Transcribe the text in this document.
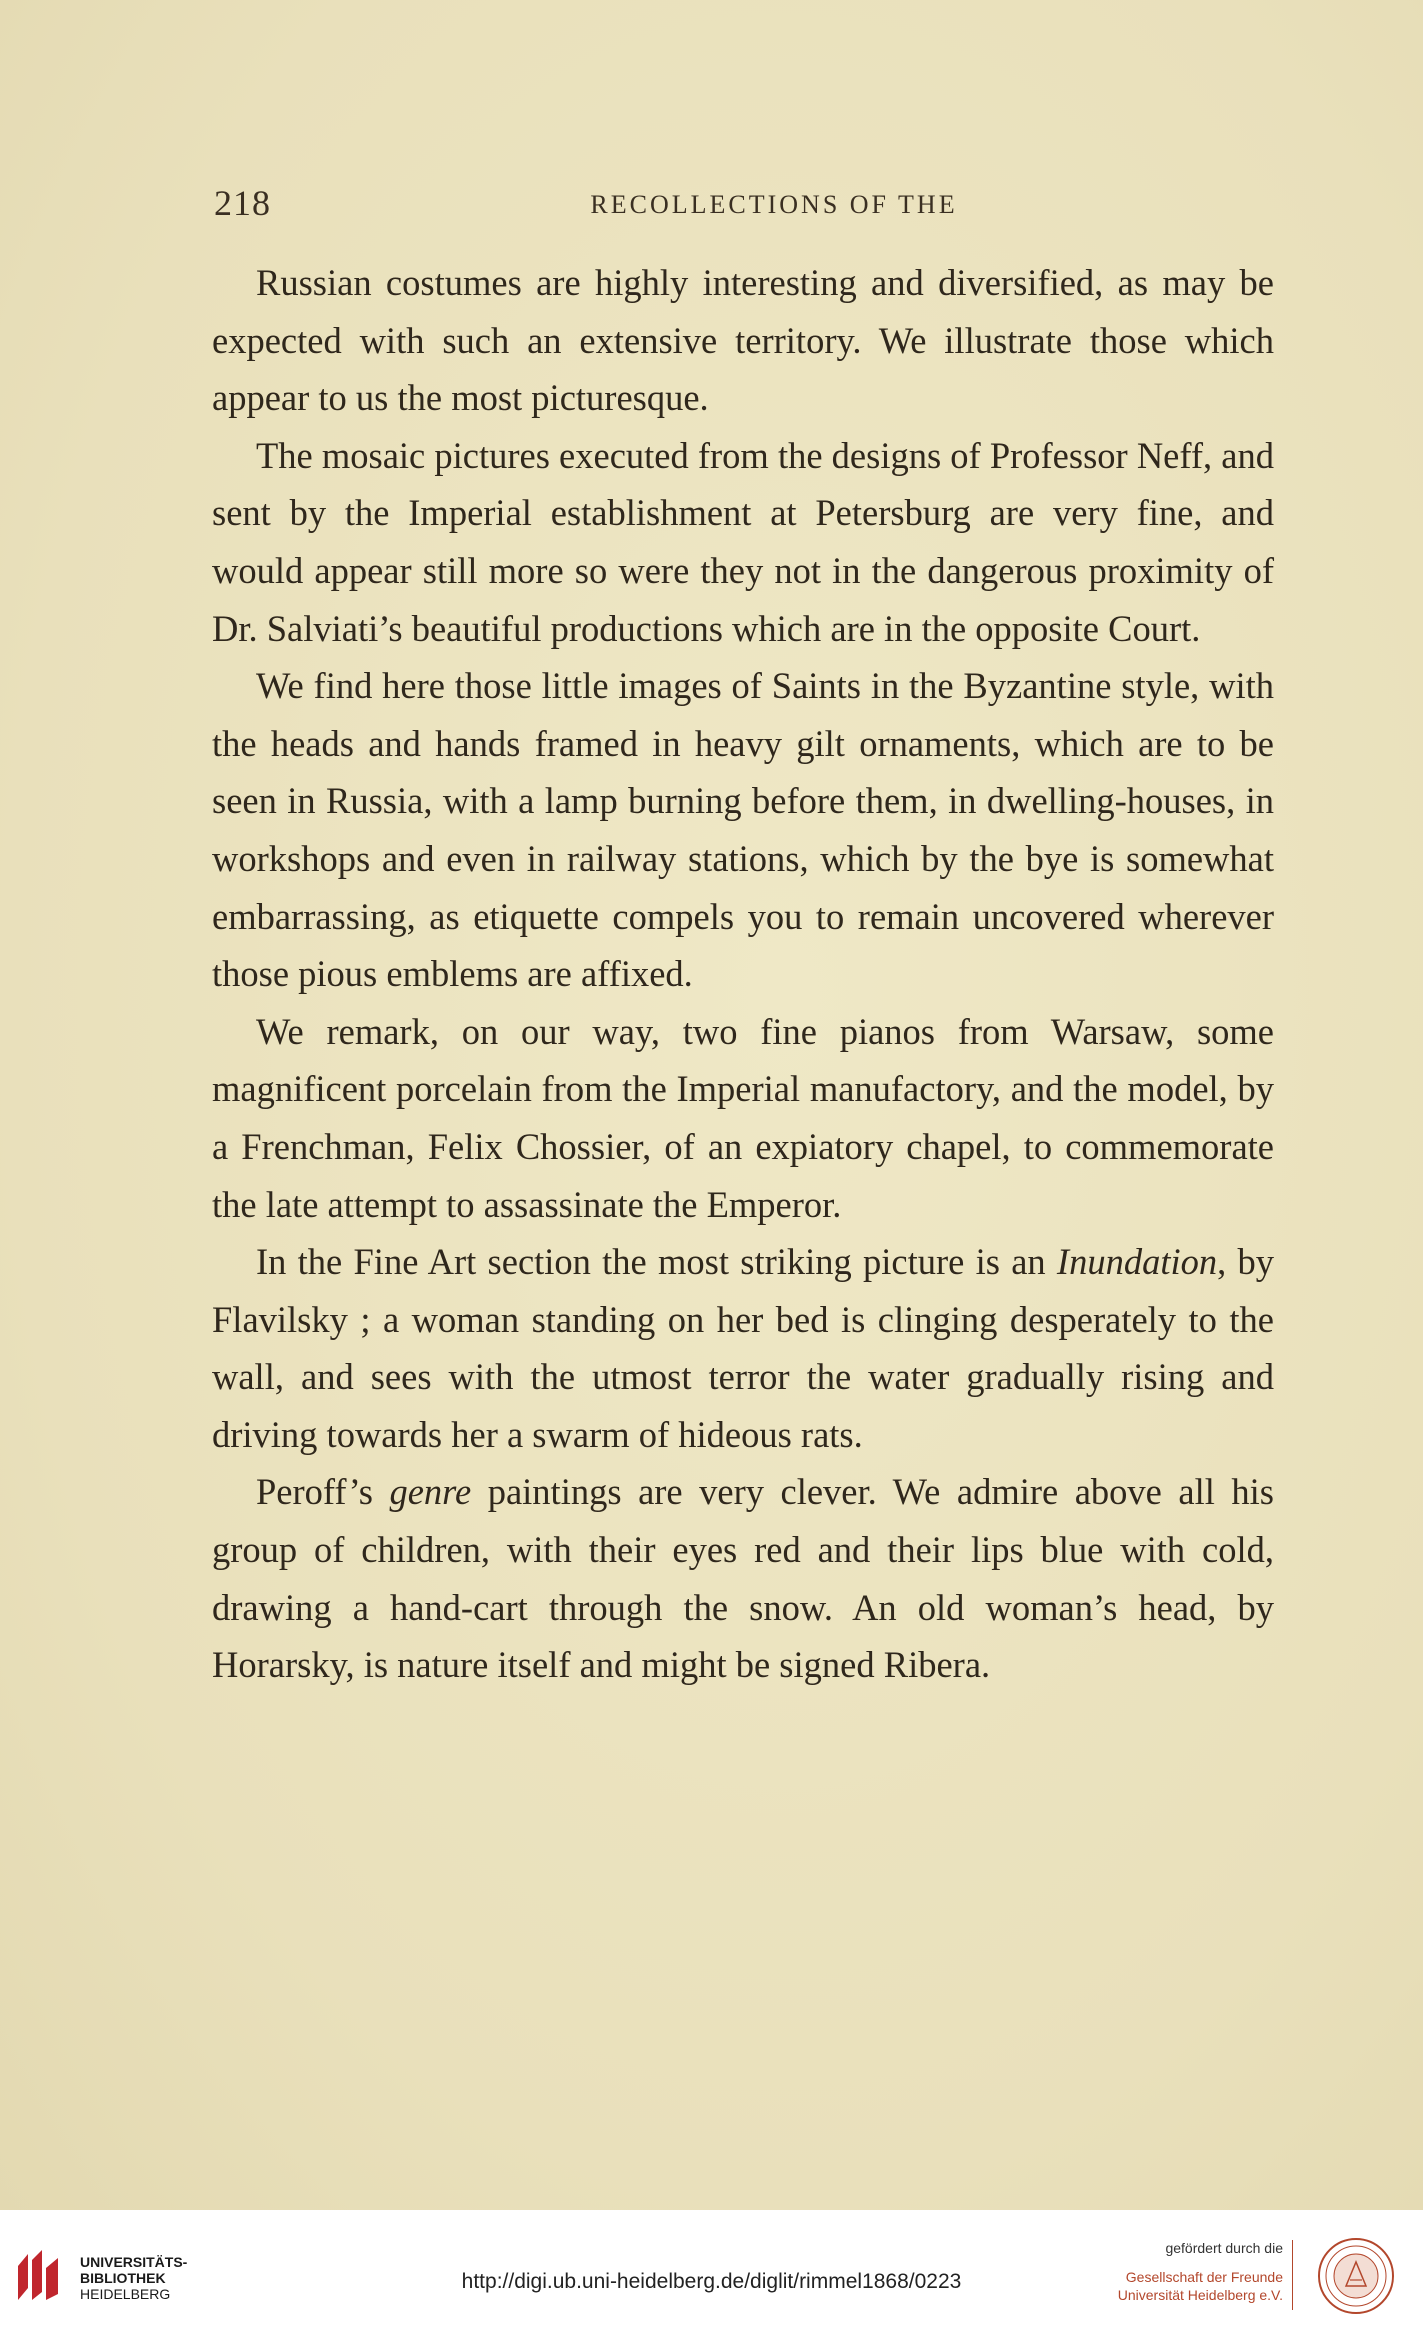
218	RECOLLECTIONS OF THE

Russian costumes are highly interesting and diversified, as may be expected with such an extensive territory. We illustrate those which appear to us the most picturesque.

The mosaic pictures executed from the designs of Professor Neff, and sent by the Imperial establishment at Petersburg are very fine, and would appear still more so were they not in the dangerous proximity of Dr. Salviati’s beautiful productions which are in the opposite Court.

We find here those little images of Saints in the Byzantine style, with the heads and hands framed in heavy gilt ornaments, which are to be seen in Russia, with a lamp burning before them, in dwelling-houses, in workshops and even in railway stations, which by the bye is somewhat embarrassing, as etiquette compels you to remain uncovered wherever those pious emblems are affixed.

We remark, on our way, two fine pianos from Warsaw, some magnificent porcelain from the Imperial manufactory, and the model, by a Frenchman, Felix Chossier, of an expiatory chapel, to commemorate the late attempt to assassinate the Emperor.

In the Fine Art section the most striking picture is an Inundation, by Flavilsky ; a woman standing on her bed is clinging desperately to the wall, and sees with the utmost terror the water gradually rising and driving towards her a swarm of hideous rats.

Peroff’s genre paintings are very clever. We admire above all his group of children, with their eyes red and their lips blue with cold, drawing a hand-cart through the snow. An old woman’s head, by Horarsky, is nature itself and might be signed Ribera.

UNIVERSITÄTS-
BIBLIOTHEK
HEIDELBERG
http://digi.ub.uni-heidelberg.de/diglit/rimmel1868/0223
gefördert durch die
Gesellschaft der Freunde
Universität Heidelberg e.V.
